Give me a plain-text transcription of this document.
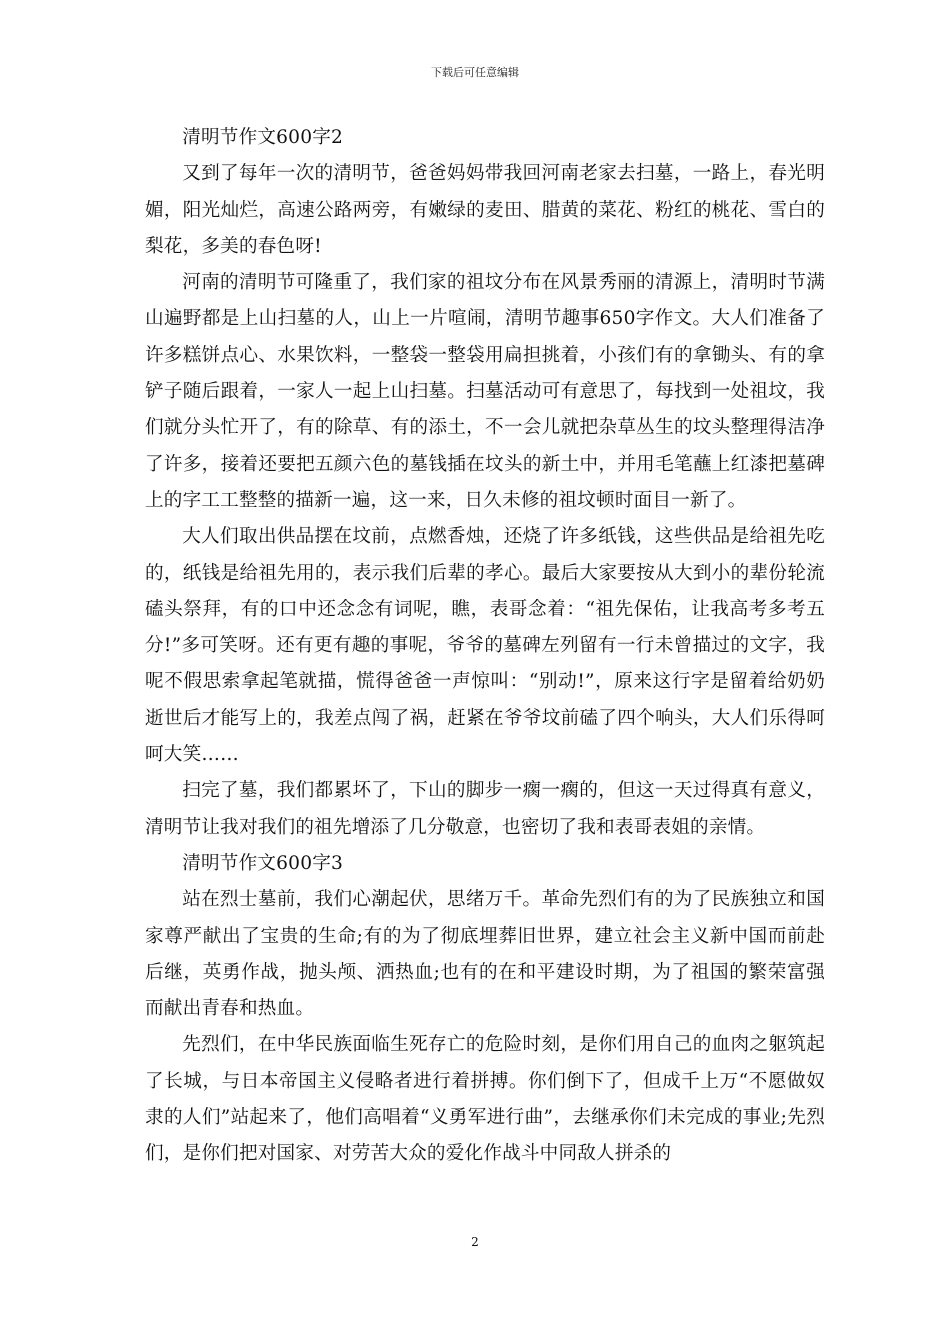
下载后可任意编辑

清明节作文600字2

又到了每年一次的清明节，爸爸妈妈带我回河南老家去扫墓，一路上，春光明媚，阳光灿烂，高速公路两旁，有嫩绿的麦田、腊黄的菜花、粉红的桃花、雪白的梨花，多美的春色呀!

河南的清明节可隆重了，我们家的祖坟分布在风景秀丽的清源上，清明时节满山遍野都是上山扫墓的人，山上一片喧闹，清明节趣事650字作文。大人们准备了许多糕饼点心、水果饮料，一整袋一整袋用扁担挑着，小孩们有的拿锄头、有的拿铲子随后跟着，一家人一起上山扫墓。扫墓活动可有意思了，每找到一处祖坟，我们就分头忙开了，有的除草、有的添土，不一会儿就把杂草丛生的坟头整理得洁净了许多，接着还要把五颜六色的墓钱插在坟头的新土中，并用毛笔蘸上红漆把墓碑上的字工工整整的描新一遍，这一来，日久未修的祖坟顿时面目一新了。

大人们取出供品摆在坟前，点燃香烛，还烧了许多纸钱，这些供品是给祖先吃的，纸钱是给祖先用的，表示我们后辈的孝心。最后大家要按从大到小的辈份轮流磕头祭拜，有的口中还念念有词呢，瞧，表哥念着：“祖先保佑，让我高考多考五分!”多可笑呀。还有更有趣的事呢，爷爷的墓碑左列留有一行未曾描过的文字，我呢不假思索拿起笔就描，慌得爸爸一声惊叫：“别动!”，原来这行字是留着给奶奶逝世后才能写上的，我差点闯了祸，赶紧在爷爷坟前磕了四个响头，大人们乐得呵呵大笑……

扫完了墓，我们都累坏了，下山的脚步一瘸一瘸的，但这一天过得真有意义，清明节让我对我们的祖先增添了几分敬意，也密切了我和表哥表姐的亲情。

清明节作文600字3

站在烈士墓前，我们心潮起伏，思绪万千。革命先烈们有的为了民族独立和国家尊严献出了宝贵的生命;有的为了彻底埋葬旧世界，建立社会主义新中国而前赴后继，英勇作战，抛头颅、洒热血;也有的在和平建设时期，为了祖国的繁荣富强而献出青春和热血。

先烈们，在中华民族面临生死存亡的危险时刻，是你们用自己的血肉之躯筑起了长城，与日本帝国主义侵略者进行着拼搏。你们倒下了，但成千上万“不愿做奴隶的人们”站起来了，他们高唱着“义勇军进行曲”，去继承你们未完成的事业;先烈们，是你们把对国家、对劳苦大众的爱化作战斗中同敌人拼杀的

2
